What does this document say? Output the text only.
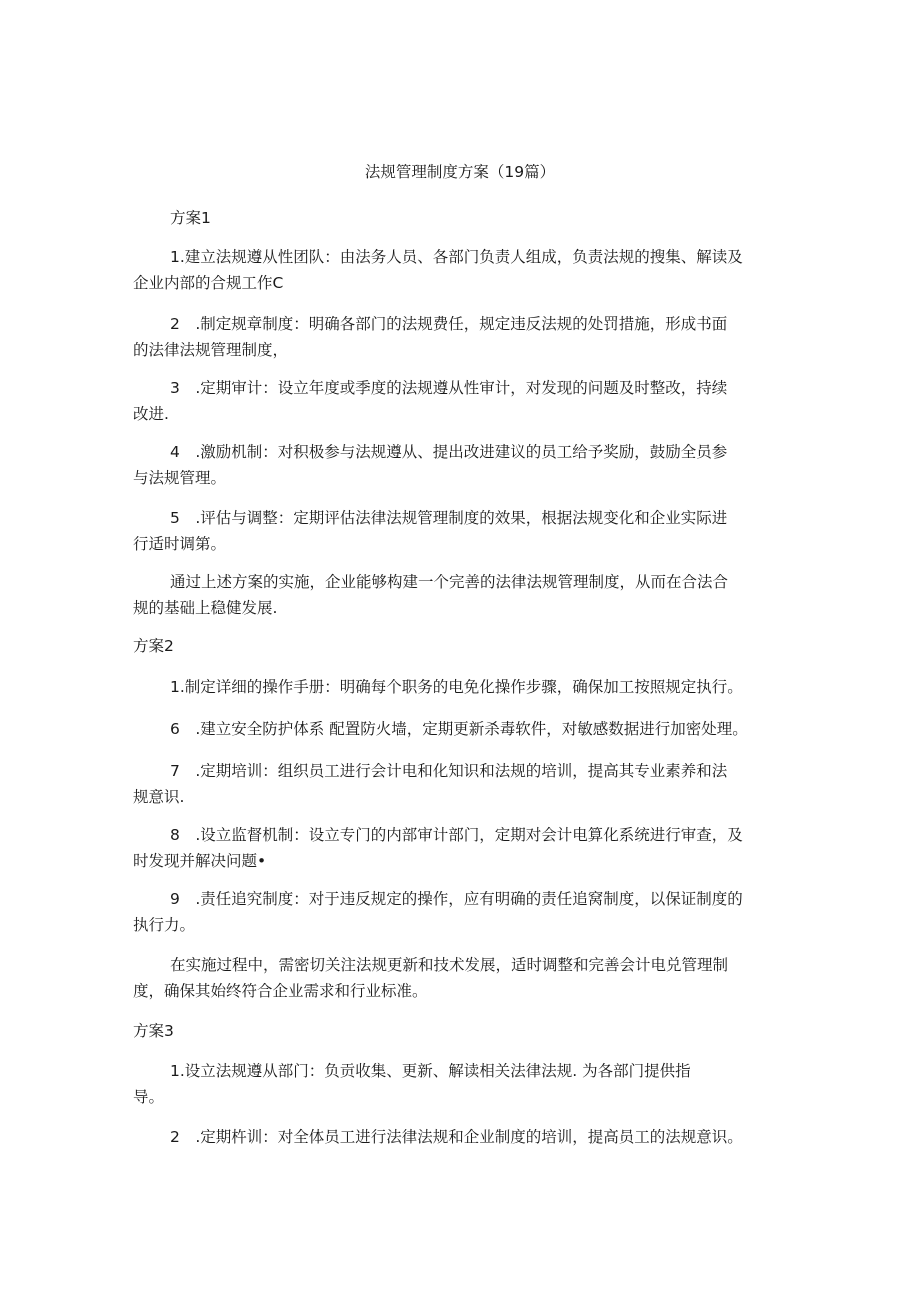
法规管理制度方案（19篇）
方案1
1.建立法规遵从性团队：由法务人员、各部门负责人组成，负责法规的搜集、解读及
企业内部的合规工作C
2　.制定规章制度：明确各部门的法规费任，规定违反法规的处罚措施，形成书面
的法律法规管理制度，
3　.定期审计：设立年度或季度的法规遵从性审计，对发现的问题及时整改，持续
改进.
4　.激励机制：对积极参与法规遵从、提出改进建议的员工给予奖励，鼓励全员参
与法规管理。
5　.评估与调整：定期评估法律法规管理制度的效果，根据法规变化和企业实际进
行适时调第。
通过上述方案的实施，企业能够构建一个完善的法律法规管理制度，从而在合法合
规的基础上稳健发展.
方案2
1.制定详细的操作手册：明确每个职务的电免化操作步骤，确保加工按照规定执行。
6　.建立安全防护体系 配置防火墙，定期更新杀毒软件，对敏感数据进行加密处理。
7　.定期培训：组织员工进行会计电和化知识和法规的培训，提高其专业素养和法
规意识.
8　.设立监督机制：设立专门的内部审计部门，定期对会计电算化系统进行审查，及
时发现并解决问题•
9　.责任追究制度：对于违反规定的操作，应有明确的责任追窝制度，以保证制度的
执行力。
在实施过程中，需密切关注法规更新和技术发展，适时调整和完善会计电兑管理制
度，确保其始终符合企业需求和行业标准。
方案3
1.设立法规遵从部门：负贡收集、更新、解读相关法律法规. 为各部门提供指
导。
2　.定期杵训：对全体员工进行法律法规和企业制度的培训，提高员工的法规意识。
